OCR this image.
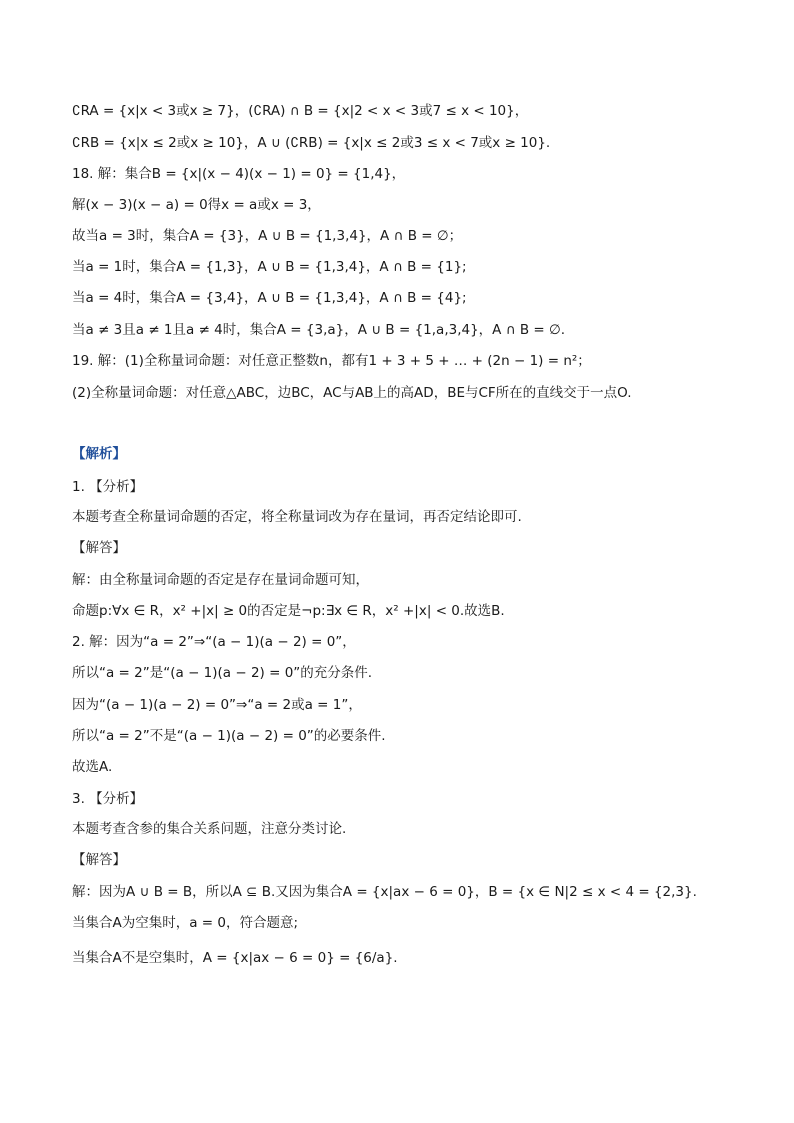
∁RA = {x|x < 3或x ≥ 7}，(∁RA) ∩ B = {x|2 < x < 3或7 ≤ x < 10}，
∁RB = {x|x ≤ 2或x ≥ 10}，A ∪ (∁RB) = {x|x ≤ 2或3 ≤ x < 7或x ≥ 10}.
18. 解：集合B = {x|(x − 4)(x − 1) = 0} = {1,4}，
解(x − 3)(x − a) = 0得x = a或x = 3，
故当a = 3时，集合A = {3}，A ∪ B = {1,3,4}，A ∩ B = ∅；
当a = 1时，集合A = {1,3}，A ∪ B = {1,3,4}，A ∩ B = {1};
当a = 4时，集合A = {3,4}，A ∪ B = {1,3,4}，A ∩ B = {4};
当a ≠ 3且a ≠ 1且a ≠ 4时，集合A = {3,a}，A ∪ B = {1,a,3,4}，A ∩ B = ∅.
19. 解：(1)全称量词命题：对任意正整数n，都有1 + 3 + 5 + … + (2n − 1) = n²；
(2)全称量词命题：对任意△ABC，边BC，AC与AB上的高AD，BE与CF所在的直线交于一点O.
【解析】
1. 【分析】
本题考查全称量词命题的否定，将全称量词改为存在量词，再否定结论即可.
【解答】
解：由全称量词命题的否定是存在量词命题可知，
命题p:∀x ∈ R，x² +|x| ≥ 0的否定是¬p:∃x ∈ R，x² +|x| < 0.故选B.
2. 解：因为“a = 2”⇒“(a − 1)(a − 2) = 0”，
所以“a = 2”是“(a − 1)(a − 2) = 0”的充分条件.
因为“(a − 1)(a − 2) = 0”⇒“a = 2或a = 1”，
所以“a = 2”不是“(a − 1)(a − 2) = 0”的必要条件.
故选A.
3. 【分析】
本题考查含参的集合关系问题，注意分类讨论.
【解答】
解：因为A ∪ B = B，所以A ⊆ B.又因为集合A = {x|ax − 6 = 0}，B = {x ∈ N|2 ≤ x < 4 = {2,3}.
当集合A为空集时，a = 0，符合题意;
当集合A不是空集时，A = {x|ax − 6 = 0} = {6/a}.
